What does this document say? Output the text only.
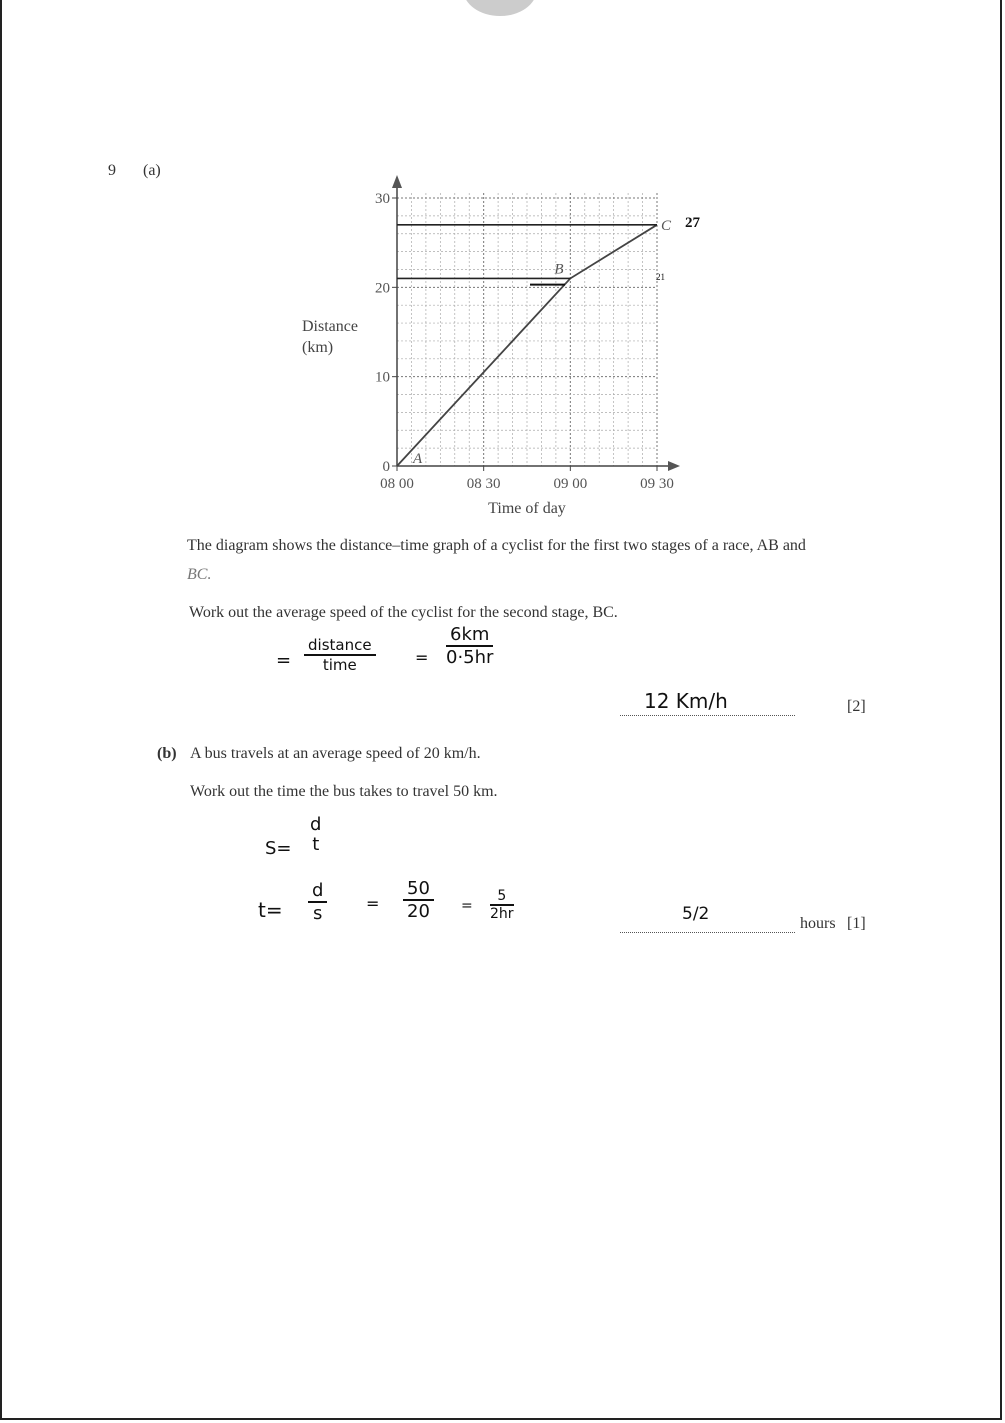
9 (a)
0
10
20
30
08 00	08 30	09 00	09 30
A
B
C
Distance
(km)
Time of day
27
21
The diagram shows the distance–time graph of a cyclist for the first two stages of a race, AB and
BC.
Work out the average speed of the cyclist for the second stage, BC.
=
distance
time	= $\frac{6km}{0\cdot 5hr}$
12 Km/h	[2]
(b) A bus travels at an average speed of 20 km/h.
Work out the time the bus takes to travel 50 km.
S=
d
t
$t= \frac{d}{s} = \frac{50}{20} = \frac{5}{2hr}$	5/2	hours [1]
